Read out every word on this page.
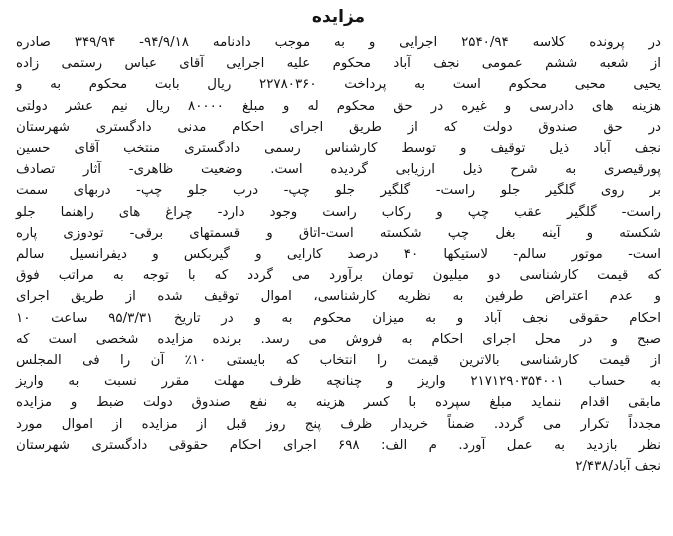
مزایده
در پرونده کلاسه ۲۵۴۰/۹۴ اجرایی و به موجب دادنامه ۹۴/۹/۱۸- ۳۴۹/۹۴ صادره
از شعبه ششم عمومی نجف آباد محکوم علیه اجرایی آقای عباس رستمی زاده
یحیی محبی محکوم است به پرداخت ۲۲۷۸۰۳۶۰ ریال بابت محکوم به و
هزینه های دادرسی و غیره در حق محکوم له و مبلغ ۸۰۰۰۰ ریال نیم عشر دولتی
در حق صندوق دولت که از طریق اجرای احکام مدنی دادگستری شهرستان
نجف آباد ذیل توقیف و توسط کارشناس رسمی دادگستری منتخب آقای حسین
پورقیصری به شرح ذیل ارزیابی گردیده است. وضعیت ظاهری- آثار تصادف
بر روی گلگیر جلو راست- گلگیر جلو چپ- درب جلو چپ- دربهای سمت
راست- گلگیر عقب چپ و رکاب راست وجود دارد- چراغ های راهنما جلو
شکسته و آینه بغل چپ شکسته است-اتاق و قسمتهای برقی- تودوزی پاره
است- موتور سالم- لاستیکها ۴۰ درصد کارایی و گیربکس و دیفرانسیل سالم
که قیمت کارشناسی دو میلیون تومان برآورد می گردد که با توجه به مراتب فوق
و عدم اعتراض طرفین به نظریه کارشناسی، اموال توقیف شده از طریق اجرای
احکام حقوقی نجف آباد و به میزان محکوم به و در تاریخ ۹۵/۳/۳۱ ساعت ۱۰
صبح و در محل اجرای احکام به فروش می رسد. برنده مزایده شخصی است که
از قیمت کارشناسی بالاترین قیمت را انتخاب که بایستی ۱۰٪ آن را فی المجلس
به حساب ۲۱۷۱۲۹۰۳۵۴۰۰۱ واریز و چنانچه ظرف مهلت مقرر نسبت به واریز
مابقی اقدام ننماید مبلغ سپرده با کسر هزینه به نفع صندوق دولت ضبط و مزایده
مجدداً تکرار می گردد. ضمناً خریدار ظرف پنج روز قبل از مزایده از اموال مورد
نظر بازدید به عمل آورد. م الف: ۶۹۸ اجرای احکام حقوقی دادگستری شهرستان
نجف آباد/۲/۴۳۸
